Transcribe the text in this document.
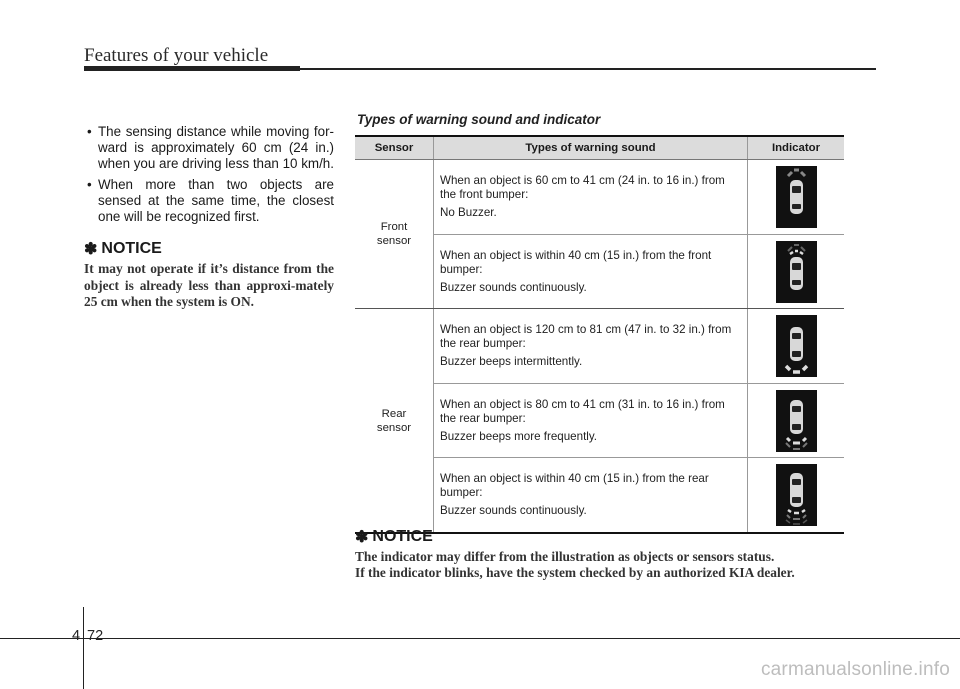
Features of your vehicle
• The sensing distance while moving for-ward is approximately 60 cm (24 in.) when you are driving less than 10 km/h.
• When more than two objects are sensed at the same time, the closest one will be recognized first.
✽ NOTICE
It may not operate if it’s distance from the object is already less than approxi-mately 25 cm when the system is ON.
Types of warning sound and indicator
Sensor	Types of warning sound	Indicator
Front sensor	When an object is 60 cm to 41 cm (24 in. to 16 in.) from the front bumper:

No Buzzer.

	When an object is within 40 cm (15 in.) from the front bumper:

Buzzer sounds continuously.

Rear sensor	When an object is 120 cm to 81 cm (47 in. to 32 in.) from the rear bumper:

Buzzer beeps intermittently.

	When an object is 80 cm to 41 cm (31 in. to 16 in.) from the rear bumper:

Buzzer beeps more frequently.

	When an object is within 40 cm (15 in.) from the rear bumper:

Buzzer sounds continuously.

✽ NOTICE
The indicator may differ from the illustration as objects or sensors status.
If the indicator blinks, have the system checked by an authorized KIA dealer.
4 72
carmanualsonline.info
